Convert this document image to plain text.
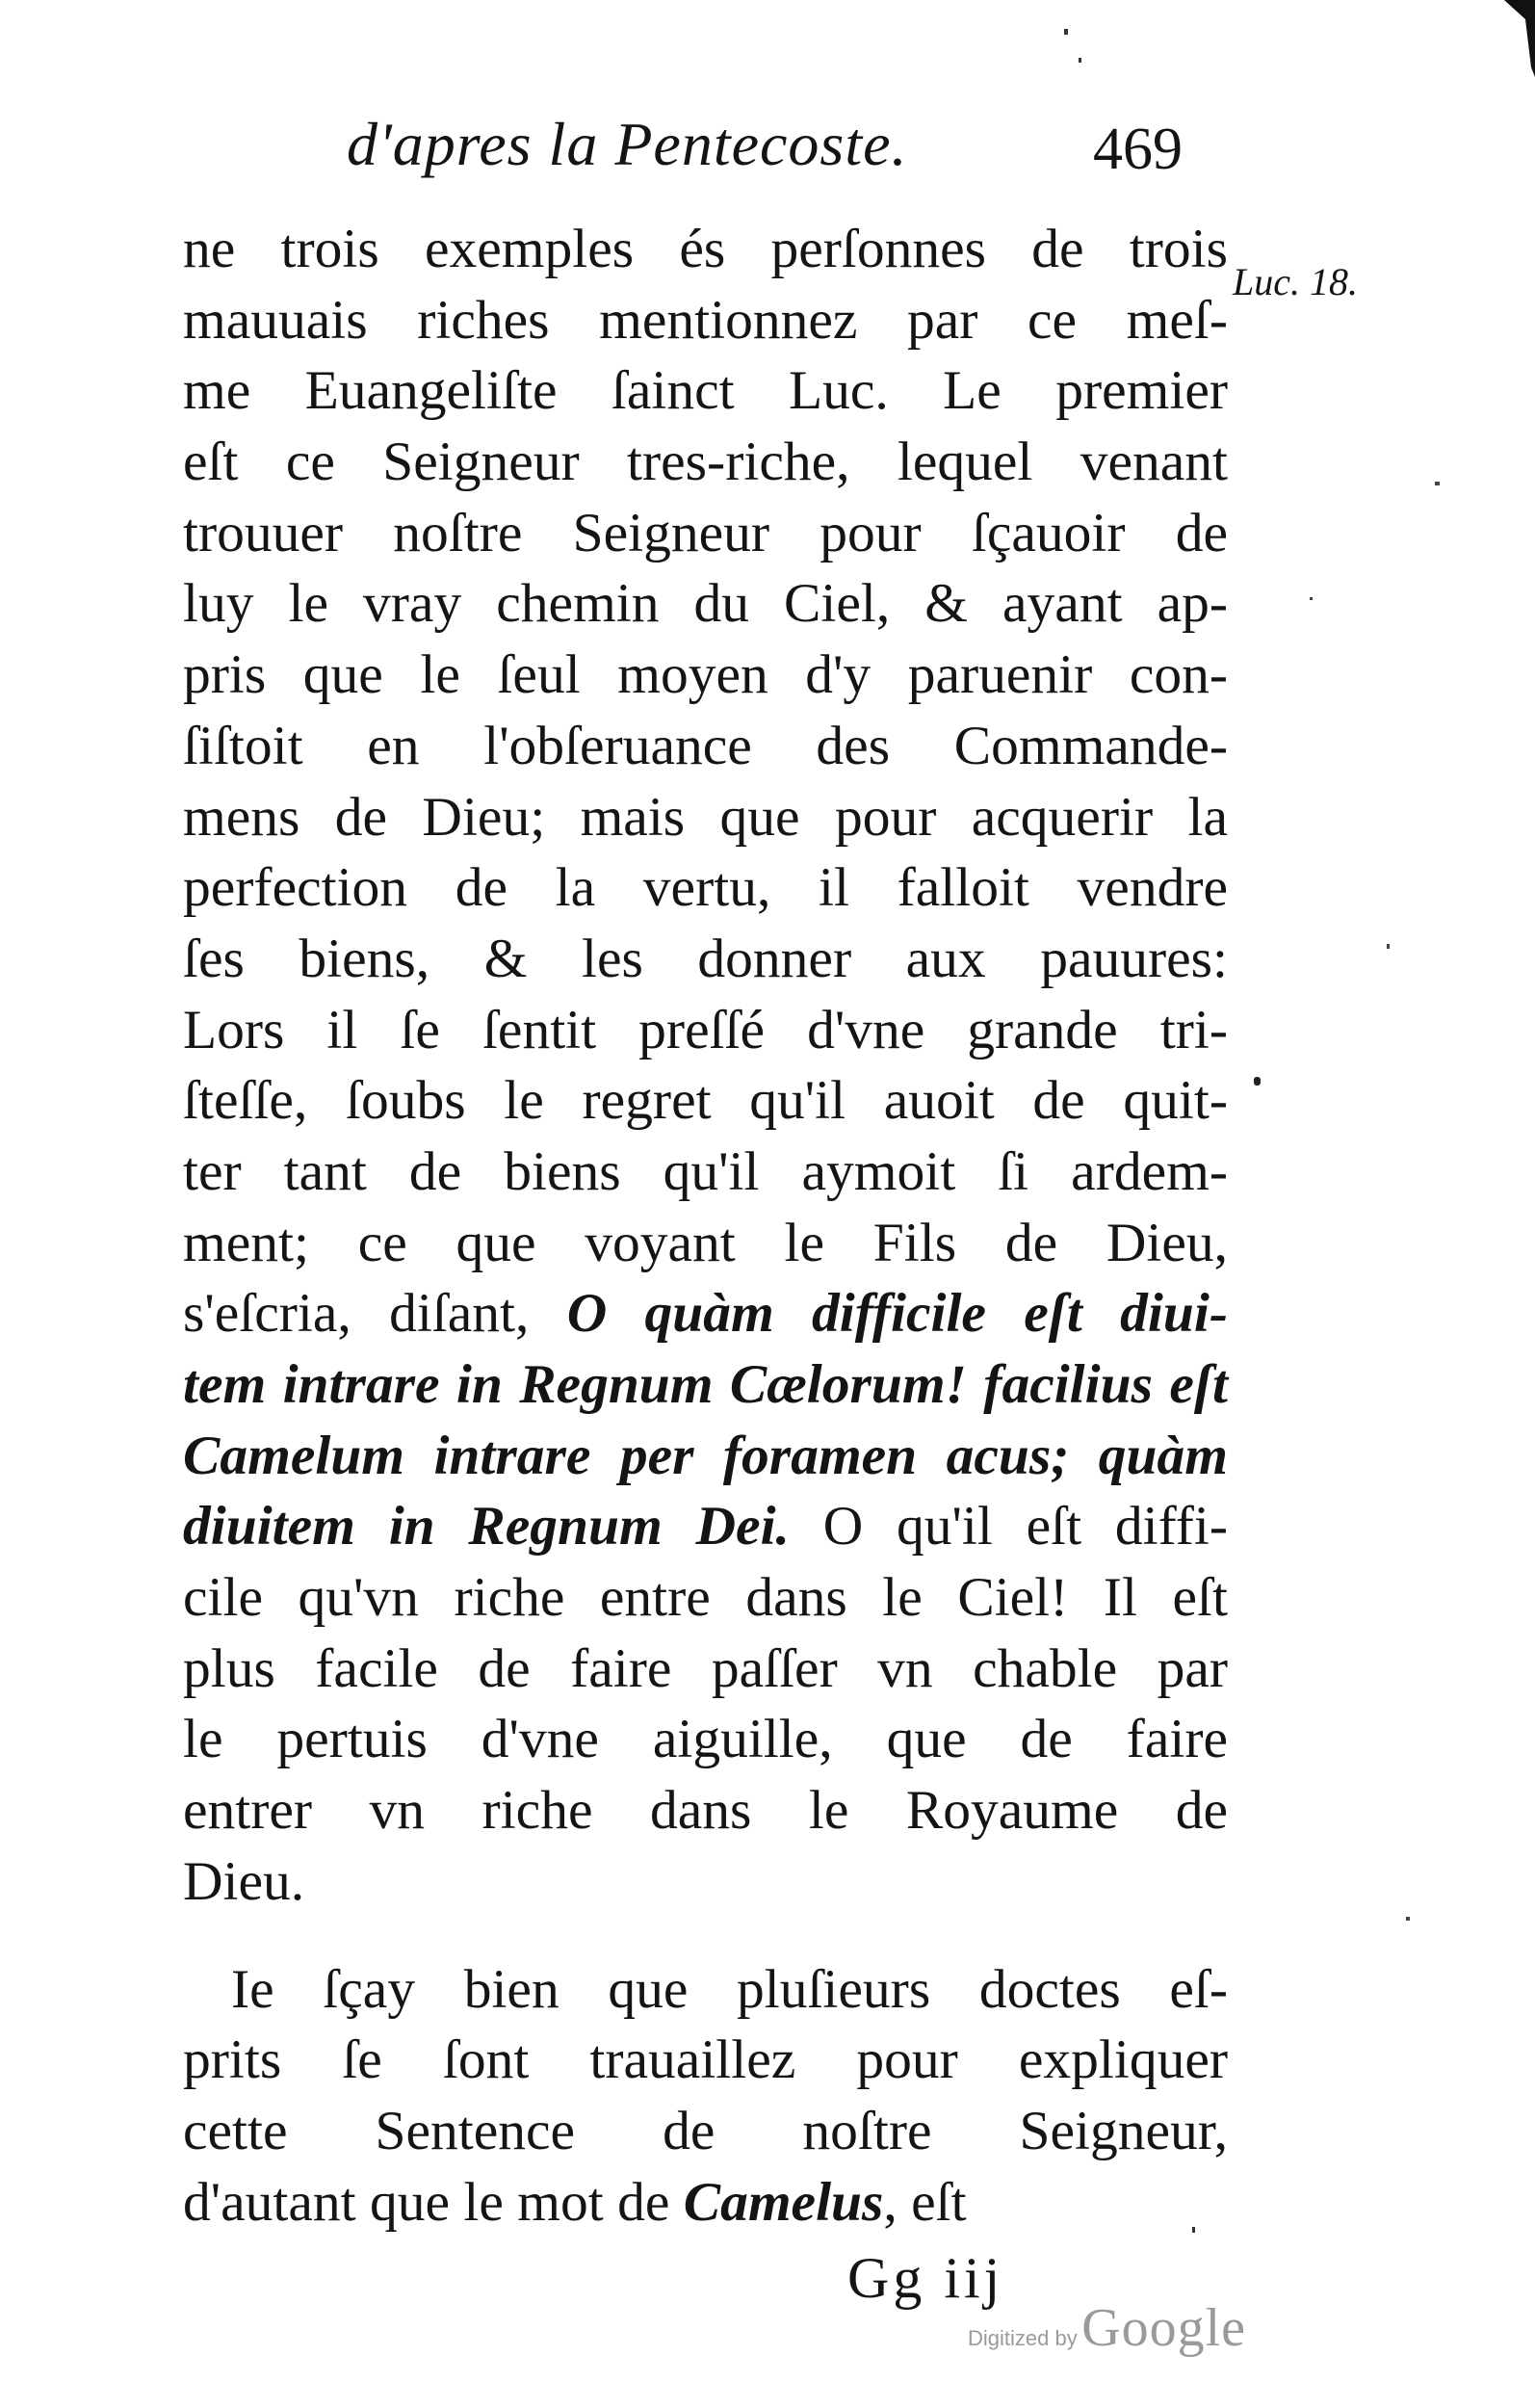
d'apres la Pentecoste.	469
Luc. 18.
ne trois exemples és perſonnes de trois
mauuais riches mentionnez par ce meſ-
me Euangeliſte ſainct Luc. Le premier
eſt ce Seigneur tres-riche, lequel venant
trouuer noſtre Seigneur pour ſçauoir de
luy le vray chemin du Ciel, & ayant ap-
pris que le ſeul moyen d'y paruenir con-
ſiſtoit en l'obſeruance des Commande-
mens de Dieu; mais que pour acquerir la
perfection de la vertu, il falloit vendre
ſes biens, & les donner aux pauures:
Lors il ſe ſentit preſſé d'vne grande tri-
ſteſſe, ſoubs le regret qu'il auoit de quit-
ter tant de biens qu'il aymoit ſi ardem-
ment; ce que voyant le Fils de Dieu,
s'eſcria, diſant, O quàm difficile eſt diui-
tem intrare in Regnum Cælorum! facilius eſt
Camelum intrare per foramen acus; quàm
diuitem in Regnum Dei. O qu'il eſt diffi-
cile qu'vn riche entre dans le Ciel! Il eſt
plus facile de faire paſſer vn chable par
le pertuis d'vne aiguille, que de faire
entrer vn riche dans le Royaume de
Dieu.
Ie ſçay bien que pluſieurs doctes eſ-
prits ſe ſont trauaillez pour expliquer
cette Sentence de noſtre Seigneur,
d'autant que le mot de Camelus, eſt
Gg iij
Digitized by Google
